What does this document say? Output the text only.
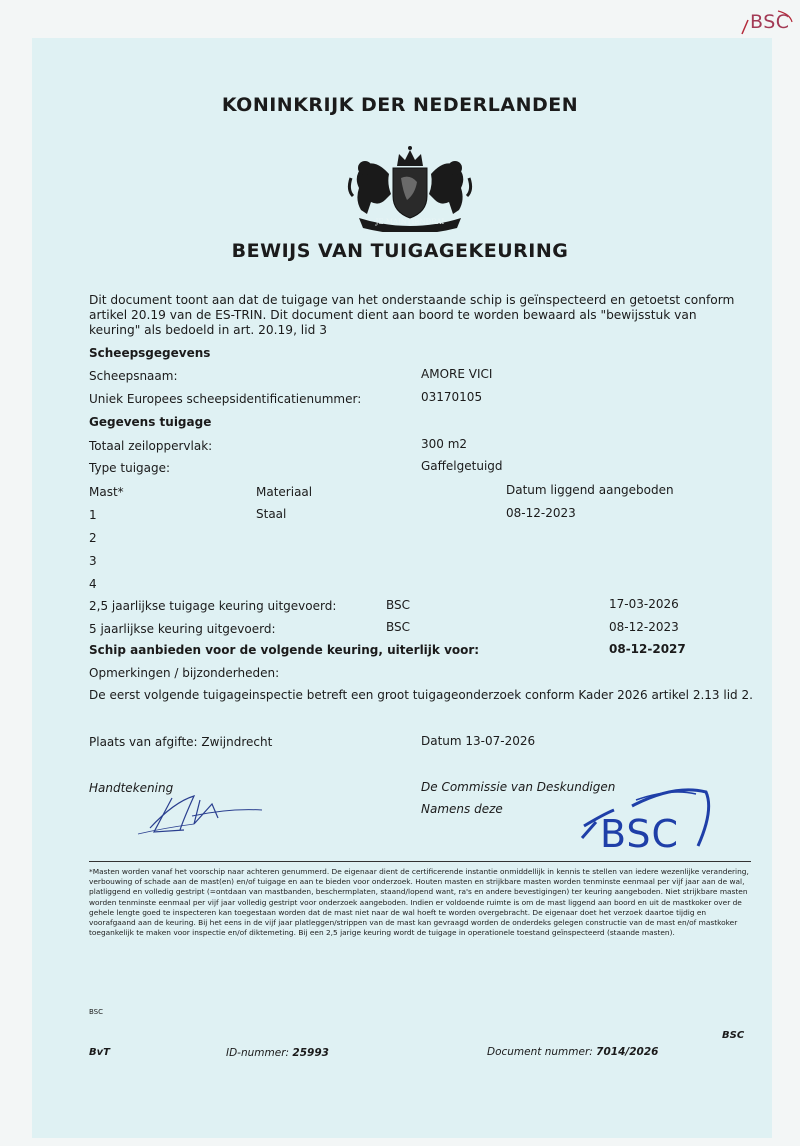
BSC
KONINKRIJK DER NEDERLANDEN
JE MAINTIENDRAI
BEWIJS VAN TUIGAGEKEURING
Dit document toont aan dat de tuigage van het onderstaande schip is geïnspecteerd en getoetst conform artikel 20.19 van de ES-TRIN. Dit document dient aan boord te worden bewaard als "bewijsstuk van keuring" als bedoeld in art. 20.19, lid 3
Scheepsgegevens
Scheepsnaam:	AMORE VICI
Uniek Europees scheepsidentificatienummer:	03170105
Gegevens tuigage
Totaal zeiloppervlak:	300 m2
Type tuigage:	Gaffelgetuigd
Mast*	Materiaal	Datum liggend aangeboden
1	Staal	08-12-2023
2
3
4
2,5 jaarlijkse tuigage keuring uitgevoerd:	BSC	17-03-2026
5 jaarlijkse keuring uitgevoerd:	BSC	08-12-2023
Schip aanbieden voor de volgende keuring, uiterlijk voor:	08-12-2027
Opmerkingen / bijzonderheden:
De eerst volgende tuigageinspectie betreft een groot tuigageonderzoek conform Kader 2026 artikel 2.13 lid 2.
Plaats van afgifte: Zwijndrecht	Datum 13-07-2026
Handtekening	De Commissie van Deskundigen
Namens deze
BSC
*Masten worden vanaf het voorschip naar achteren genummerd. De eigenaar dient de certificerende instantie onmiddellijk in kennis te stellen van iedere wezenlijke verandering, verbouwing of schade aan de mast(en) en/of tuigage en aan te bieden voor onderzoek. Houten masten en strijkbare masten worden tenminste eenmaal per vijf jaar aan de wal, platliggend en volledig gestript (=ontdaan van mastbanden, beschermplaten, staand/lopend want, ra's en andere bevestigingen) ter keuring aangeboden. Niet strijkbare masten worden tenminste eenmaal per vijf jaar volledig gestript voor onderzoek aangeboden. Indien er voldoende ruimte is om de mast liggend aan boord en uit de mastkoker over de gehele lengte goed te inspecteren kan toegestaan worden dat de mast niet naar de wal hoeft te worden overgebracht. De eigenaar doet het verzoek daartoe tijdig en voorafgaand aan de keuring. Bij het eens in de vijf jaar platleggen/strippen van de mast kan gevraagd worden de onderdeks gelegen constructie van de mast en/of mastkoker toegankelijk te maken voor inspectie en/of diktemeting. Bij een 2,5 jarige keuring wordt de tuigage in operationele toestand geïnspecteerd (staande masten).
BSC
BSC
BvT	ID-nummer: 25993	Document nummer: 7014/2026
